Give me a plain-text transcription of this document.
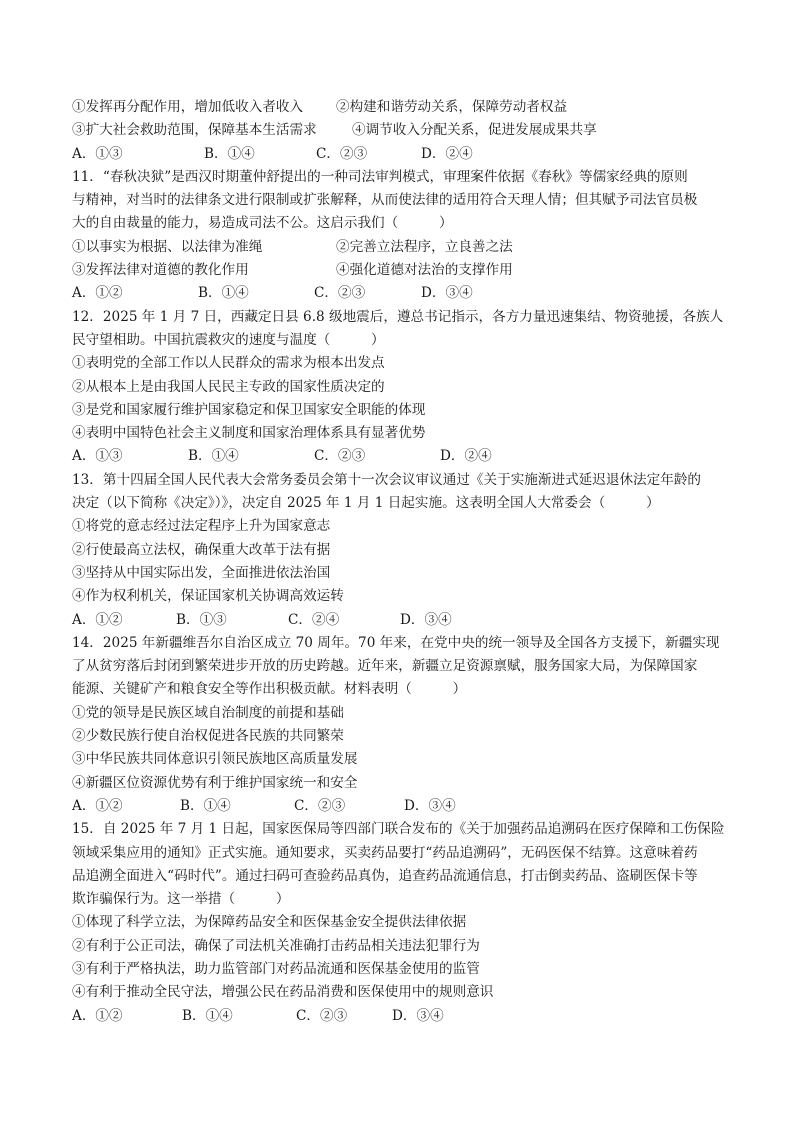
①发挥再分配作用，增加低收入者收入	②构建和谐劳动关系，保障劳动者权益
③扩大社会救助范围，保障基本生活需求	④调节收入分配关系，促进发展成果共享
A．①③	B．①④	C．②③	D．②④
11．“春秋决狱”是西汉时期董仲舒提出的一种司法审判模式，审理案件依据《春秋》等儒家经典的原则
与精神，对当时的法律条文进行限制或扩张解释，从而使法律的适用符合天理人情；但其赋予司法官员极
大的自由裁量的能力，易造成司法不公。这启示我们（　　　）
①以事实为根据、以法律为准绳	②完善立法程序，立良善之法
③发挥法律对道德的教化作用	④强化道德对法治的支撑作用
A．①②	B．①④	C．②③	D．③④
12．2025 年 1 月 7 日，西藏定日县 6.8 级地震后，遵总书记指示，各方力量迅速集结、物资驰援，各族人
民守望相助。中国抗震救灾的速度与温度（　　　）
①表明党的全部工作以人民群众的需求为根本出发点
②从根本上是由我国人民民主专政的国家性质决定的
③是党和国家履行维护国家稳定和保卫国家安全职能的体现
④表明中国特色社会主义制度和国家治理体系具有显著优势
A．①③	B．①④	C．②③	D．②④
13．第十四届全国人民代表大会常务委员会第十一次会议审议通过《关于实施渐进式延迟退休法定年龄的
决定（以下简称《决定》）》，决定自 2025 年 1 月 1 日起实施。这表明全国人大常委会（　　　）
①将党的意志经过法定程序上升为国家意志
②行使最高立法权，确保重大改革于法有据
③坚持从中国实际出发，全面推进依法治国
④作为权利机关，保证国家机关协调高效运转
A．①②	B．①③	C．②④	D．③④
14．2025 年新疆维吾尔自治区成立 70 周年。70 年来，在党中央的统一领导及全国各方支援下，新疆实现
了从贫穷落后封闭到繁荣进步开放的历史跨越。近年来，新疆立足资源禀赋，服务国家大局，为保障国家
能源、关键矿产和粮食安全等作出积极贡献。材料表明（　　　）
①党的领导是民族区域自治制度的前提和基础
②少数民族行使自治权促进各民族的共同繁荣
③中华民族共同体意识引领民族地区高质量发展
④新疆区位资源优势有利于维护国家统一和安全
A．①②	B．①④	C．②③	D．③④
15．自 2025 年 7 月 1 日起，国家医保局等四部门联合发布的《关于加强药品追溯码在医疗保障和工伤保险
领域采集应用的通知》正式实施。通知要求，买卖药品要打“药品追溯码”，无码医保不结算。这意味着药
品追溯全面进入“码时代”。通过扫码可查验药品真伪，追查药品流通信息，打击倒卖药品、盗刷医保卡等
欺诈骗保行为。这一举措（　　　）
①体现了科学立法，为保障药品安全和医保基金安全提供法律依据
②有利于公正司法，确保了司法机关准确打击药品相关违法犯罪行为
③有利于严格执法，助力监管部门对药品流通和医保基金使用的监管
④有利于推动全民守法，增强公民在药品消费和医保使用中的规则意识
A．①②	B．①④	C．②③	D．③④
